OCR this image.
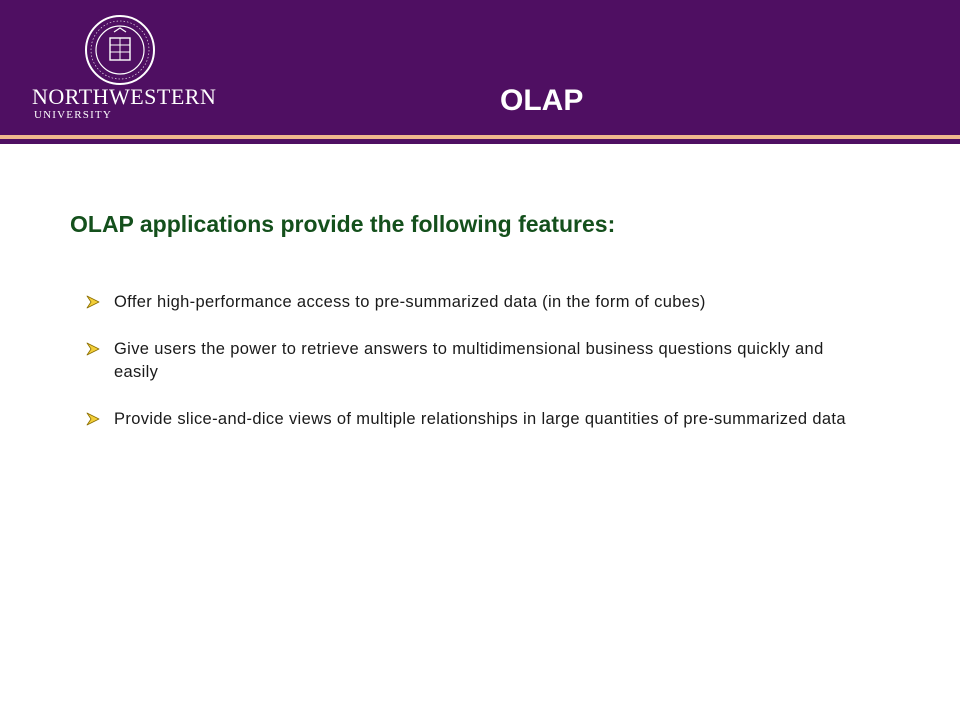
NORTHWESTERN
UNIVERSITY	OLAP
OLAP applications provide the following features:
Offer high-performance access to pre-summarized data (in the form of cubes)
Give users the power to retrieve answers to multidimensional business questions quickly and easily
Provide slice-and-dice views of multiple relationships in large quantities of pre-summarized data
